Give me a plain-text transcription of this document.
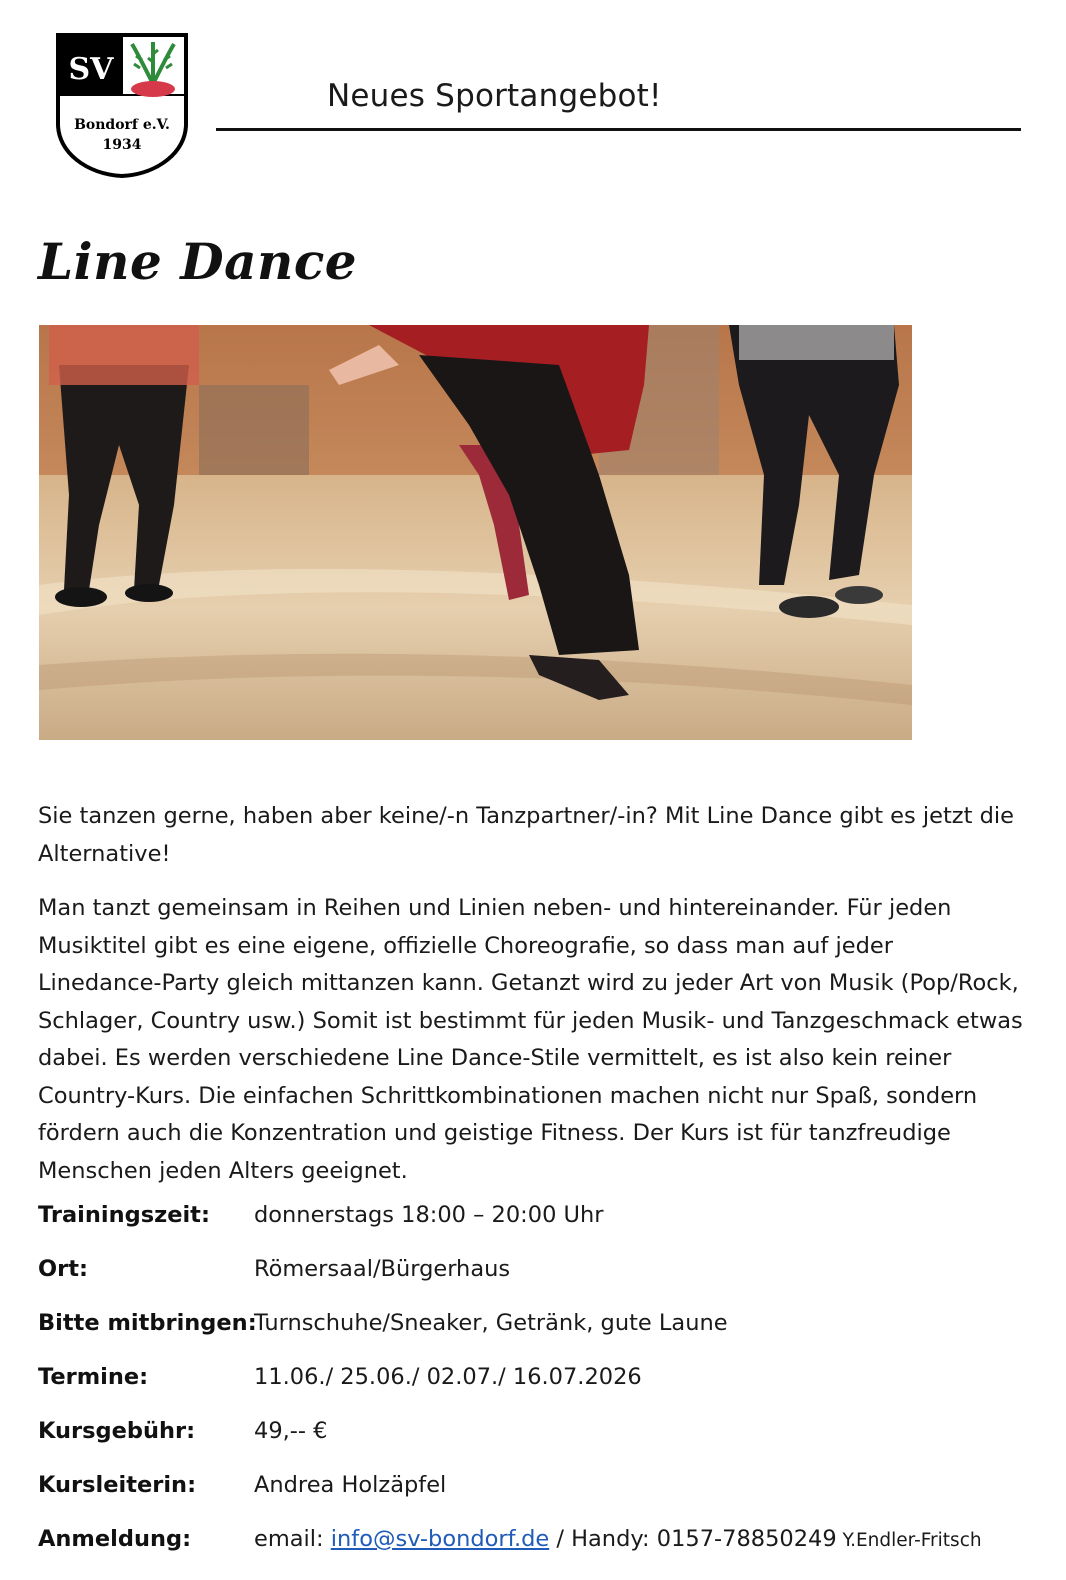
SV
Bondorf e.V.
1934
Neues Sportangebot!
Line Dance

Sie tanzen gerne, haben aber keine/-n Tanzpartner/-in? Mit Line Dance gibt es jetzt die Alternative!

Man tanzt gemeinsam in Reihen und Linien neben- und hintereinander. Für jeden Musiktitel gibt es eine eigene, offizielle Choreografie, so dass man auf jeder Linedance-Party gleich mittanzen kann. Getanzt wird zu jeder Art von Musik (Pop/Rock, Schlager, Country usw.) Somit ist bestimmt für jeden Musik- und Tanzgeschmack etwas dabei. Es werden verschiedene Line Dance-Stile vermittelt, es ist also kein reiner Country-Kurs. Die einfachen Schrittkombinationen machen nicht nur Spaß, sondern fördern auch die Konzentration und geistige Fitness. Der Kurs ist für tanzfreudige Menschen jeden Alters geeignet.

Trainingszeit: donnerstags 18:00 – 20:00 Uhr
Ort:	Römersaal/Bürgerhaus
Bitte mitbringen:
Turnschuhe/Sneaker, Getränk, gute Laune
Termine:	11.06./ 25.06./ 02.07./ 16.07.2026
Kursgebühr:	49,-- €
Kursleiterin:	Andrea Holzäpfel
Anmeldung:	email: info@sv-bondorf.de / Handy: 0157-78850249 Y.Endler-Fritsch
